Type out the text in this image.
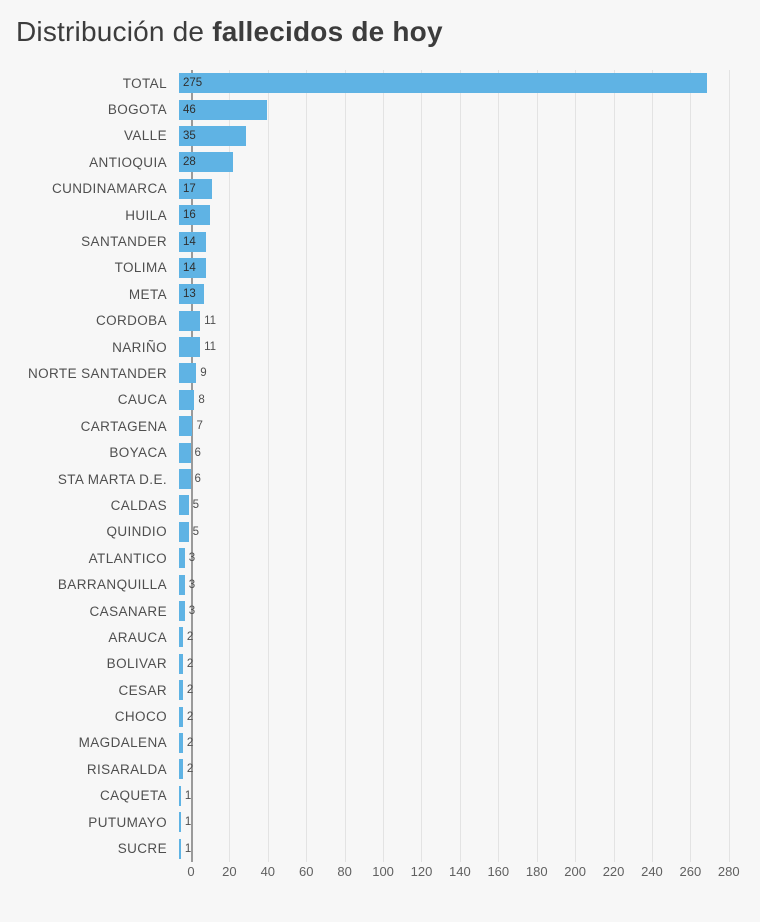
Distribución de fallecidos de hoy
TOTAL	275
BOGOTA	46
VALLE	35
ANTIOQUIA	28
CUNDINAMARCA	17
HUILA	16
SANTANDER	14
TOLIMA	14
META	13
CORDOBA	11
NARIÑO	11
NORTE SANTANDER	9
CAUCA	8
CARTAGENA	7
BOYACA	6
STA MARTA D.E.	6
CALDAS	5
QUINDIO	5
ATLANTICO	3
BARRANQUILLA	3
CASANARE	3
ARAUCA	2
BOLIVAR	2
CESAR	2
CHOCO	2
MAGDALENA	2
RISARALDA	2
CAQUETA	1
PUTUMAYO	1
SUCRE	1
0 20 40 60 80 100 120 140 160 180 200 220 240 260 280
